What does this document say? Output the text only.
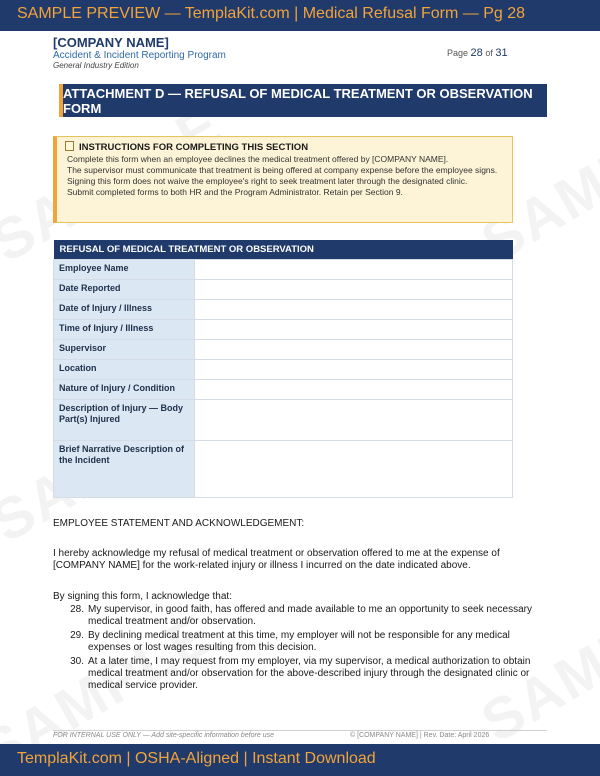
SAMPLE PREVIEW — TemplaKit.com | Medical Refusal Form — Pg 28
[COMPANY NAME]
Accident & Incident Reporting Program
General Industry Edition
Page 28 of 31
ATTACHMENT D — REFUSAL OF MEDICAL TREATMENT OR OBSERVATION FORM
INSTRUCTIONS FOR COMPLETING THIS SECTION

Complete this form when an employee declines the medical treatment offered by [COMPANY NAME].

The supervisor must communicate that treatment is being offered at company expense before the employee signs.

Signing this form does not waive the employee's right to seek treatment later through the designated clinic.

Submit completed forms to both HR and the Program Administrator. Retain per Section 9.

REFUSAL OF MEDICAL TREATMENT OR OBSERVATION	
Employee Name	
Date Reported	
Date of Injury / Illness	
Time of Injury / Illness	
Supervisor	
Location	
Nature of Injury / Condition	
Description of Injury — Body Part(s) Injured	
Brief Narrative Description of the Incident	
EMPLOYEE STATEMENT AND ACKNOWLEDGEMENT:
I hereby acknowledge my refusal of medical treatment or observation offered to me at the expense of [COMPANY NAME] for the work-related injury or illness I incurred on the date indicated above.
By signing this form, I acknowledge that:
28. My supervisor, in good faith, has offered and made available to me an opportunity to seek necessary medical treatment and/or observation.
29. By declining medical treatment at this time, my employer will not be responsible for any medical expenses or lost wages resulting from this decision.
30. At a later time, I may request from my employer, via my supervisor, a medical authorization to obtain medical treatment and/or observation for the above-described injury through the designated clinic or medical service provider.
FOR INTERNAL USE ONLY — Add site-specific information before use	© [COMPANY NAME] | Rev. Date: April 2026
TemplaKit.com | OSHA-Aligned | Instant Download
